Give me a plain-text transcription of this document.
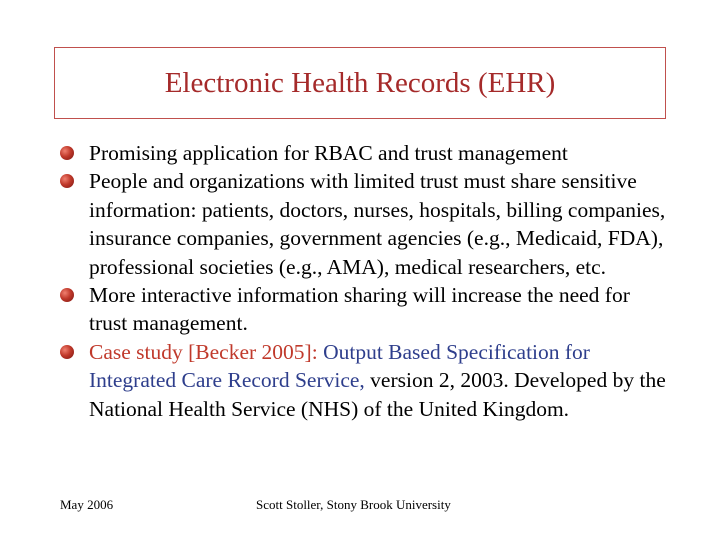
Electronic Health Records (EHR)
Promising application for RBAC and trust management
People and organizations with limited trust must share sensitive information: patients, doctors, nurses, hospitals, billing companies, insurance companies, government agencies (e.g., Medicaid, FDA), professional societies (e.g., AMA), medical researchers, etc.
More interactive information sharing will increase the need for trust management.
Case study [Becker 2005]: Output Based Specification for Integrated Care Record Service, version 2, 2003. Developed by the National Health Service (NHS) of the United Kingdom.
May 2006	Scott Stoller, Stony Brook University
